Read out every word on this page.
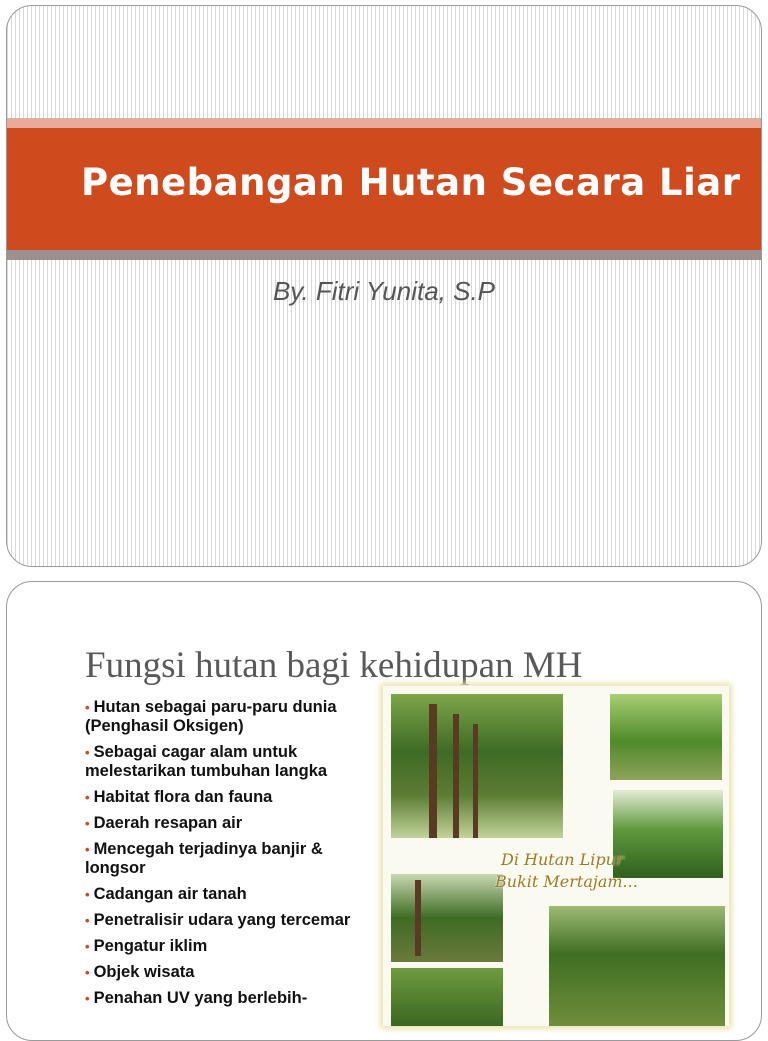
Penebangan Hutan Secara Liar
By. Fitri Yunita, S.P
Fungsi hutan bagi kehidupan MH
• Hutan sebagai paru-paru dunia (Penghasil Oksigen)
• Sebagai cagar alam untuk melestarikan tumbuhan langka
• Habitat flora dan fauna
• Daerah resapan air
• Mencegah terjadinya banjir & longsor
• Cadangan air tanah
• Penetralisir udara yang tercemar
• Pengatur iklim
• Objek wisata
• Penahan UV yang berlebih-
Di Hutan Lipur
Bukit Mertajam...
